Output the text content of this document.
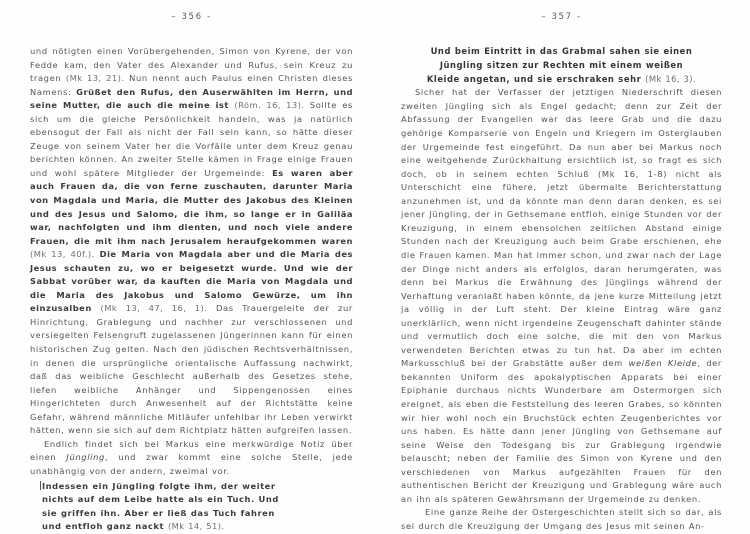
– 356 -

und nötigten einen Vorübergehenden, Simon von Kyrene, der von Fedde kam, den Vater des Alexander und Rufus, sein Kreuz zu tragen (Mk 13, 21). Nun nennt auch Paulus einen Christen dieses Namens: Grüßet den Rufus, den Auserwählten im Herrn, und seine Mutter, die auch die meine ist (Röm. 16, 13). Sollte es sich um die gleiche Persönlichkeit handeln, was ja natürlich ebensogut der Fall als nicht der Fall sein kann, so hätte dieser Zeuge von seinem Vater her die Vorfälle unter dem Kreuz genau berichten können. An zweiter Stelle kämen in Frage einige Frauen und wohl spätere Mitglieder der Urgemeinde: Es waren aber auch Frauen da, die von ferne zuschauten, darunter Maria von Magdala und Maria, die Mutter des Jakobus des Kleinen und des Jesus und Salomo, die ihm, so lange er in Galiläa war, nachfolgten und ihm dienten, und noch viele andere Frauen, die mit ihm nach Jerusalem heraufgekommen waren (Mk 13, 40f.). Die Maria von Magdala aber und die Maria des Jesus schauten zu, wo er beigesetzt wurde. Und wie der Sabbat vorüber war, da kauften die Maria von Magdala und die Maria des Jakobus und Salomo Gewürze, um ihn einzusalben (Mk 13, 47, 16, 1). Das Trauergeleite der zur Hinrichtung, Grablegung und nachher zur verschlossenen und versiegelten Felsengruft zugelassenen Jüngerinnen kann für einen historischen Zug gelten. Nach den jüdischen Rechtsverhältnissen, in denen die ursprüngliche orientalische Auffassung nachwirkt, daß das weibliche Geschlecht außerhalb des Gesetzes stehe, liefen weibliche Anhänger und Sippengenossen eines Hingerichteten durch Anwesenheit auf der Richtstätte keine Gefahr, während männliche Mitläufer unfehlbar ihr Leben verwirkt hätten, wenn sie sich auf dem Richtplatz hätten aufgreifen lassen.

Endlich findet sich bei Markus eine merkwürdige Notiz über einen Jüngling, und zwar kommt eine solche Stelle, jede unabhängig von der andern, zweimal vor.

Indessen ein Jüngling folgte ihm, der weiter
nichts auf dem Leibe hatte als ein Tuch. Und
sie griffen ihn. Aber er ließ das Tuch fahren
und entfloh ganz nackt (Mk 14, 51).
– 357 -
Und beim Eintritt in das Grabmal sahen sie einen
Jüngling sitzen zur Rechten mit einem weißen
Kleide angetan, und sie erschraken sehr (Mk 16, 3).

Sicher hat der Verfasser der jetztigen Niederschrift diesen zweiten Jüngling sich als Engel gedacht; denn zur Zeit der Abfassung der Evangelien war das leere Grab und die dazu gehörige Komparserie von Engeln und Kriegern im Osterglauben der Urgemeinde fest eingeführt. Da nun aber bei Markus noch eine weitgehende Zurückhaltung ersichtlich ist, so fragt es sich doch, ob in seinem echten Schluß (Mk 16, 1-8) nicht als Unterschicht eine fühere, jetzt übermalte Berichterstattung anzunehmen ist, und da könnte man denn daran denken, es sei jener Jüngling, der in Gethsemane entfloh, einige Stunden vor der Kreuzigung, in einem ebensolchen zeitlichen Abstand einige Stunden nach der Kreuzigung auch beim Grabe erschienen, ehe die Frauen kamen. Man hat immer schon, und zwar nach der Lage der Dinge nicht anders als erfolglos, daran herumgeraten, was denn bei Markus die Erwähnung des Jünglings während der Verhaftung veranlaßt haben könnte, da jene kurze Mitteilung jetzt ja völlig in der Luft steht. Der kleine Eintrag wäre ganz unerklärlich, wenn nicht irgendeine Zeugenschaft dahinter stände und vermutlich doch eine solche, die mit den von Markus verwendeten Berichten etwas zu tun hat. Da aber im echten Markusschluß bei der Grabstätte außer dem weißen Kleide, der bekannten Uniform des apokalyptischen Apparats bei einer Epiphanie durchaus nichts Wunderbare am Ostermorgen sich ereignet, als eben die Feststellung des leeren Grabes, so könnten wir hier wohl noch ein Bruchstück echten Zeugenberichtes vor uns haben. Es hätte dann jener Jüngling von Gethsemane auf seine Weise den Todesgang bis zur Grablegung irgendwie belauscht; neben der Familie des Simon von Kyrene und den verschiedenen von Markus aufgezählten Frauen für den authentischen Bericht der Kreuzigung und Grablegung wäre auch an ihn als späteren Gewährsmann der Urgemeinde zu denken.

Eine ganze Reihe der Ostergeschichten stellt sich so dar, als sei durch die Kreuzigung der Umgang des Jesus mit seinen An-
